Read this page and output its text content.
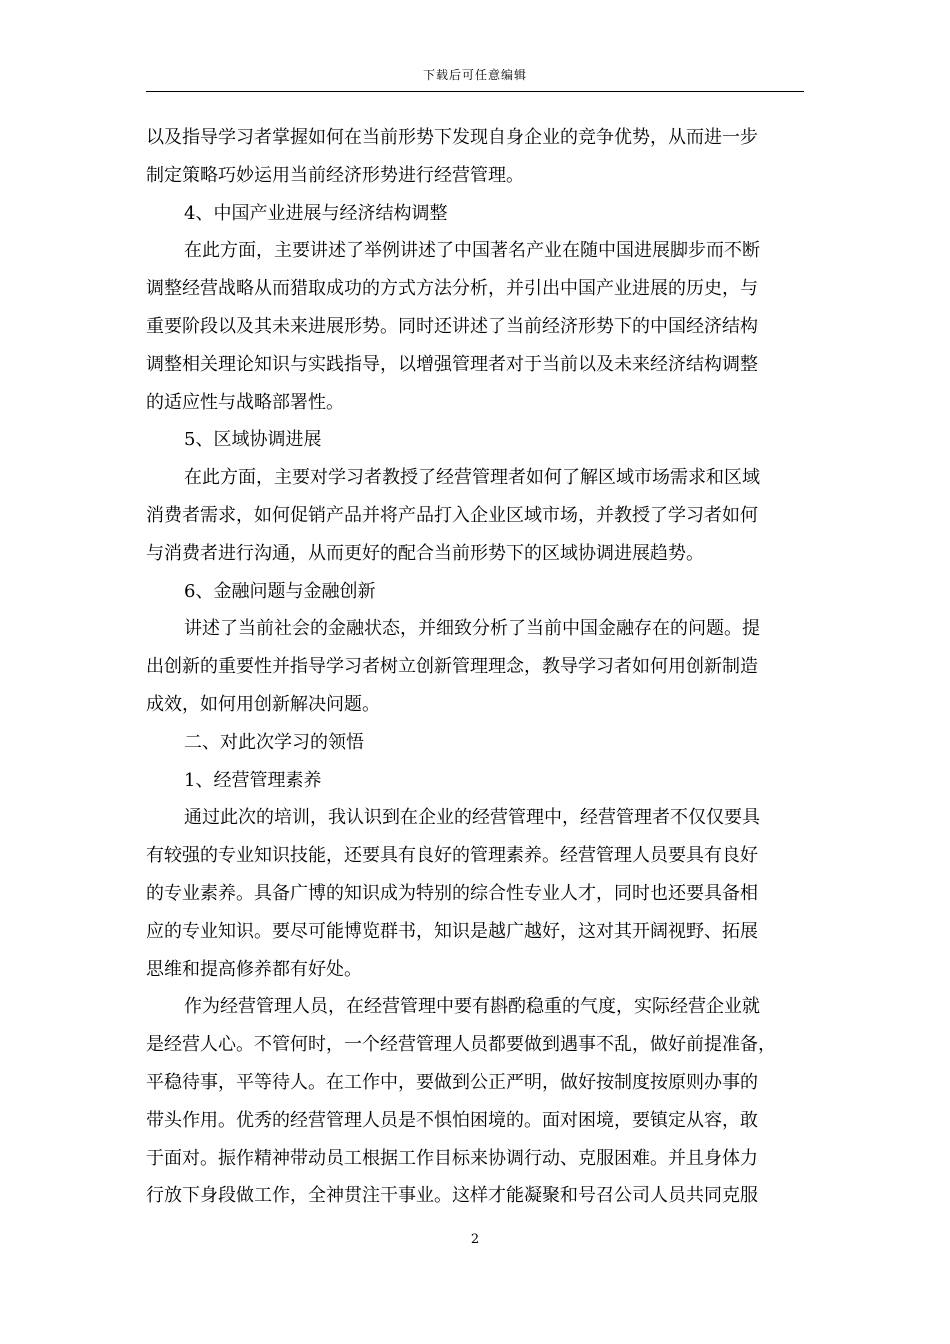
下载后可任意编辑
以及指导学习者掌握如何在当前形势下发现自身企业的竞争优势，从而进一步
制定策略巧妙运用当前经济形势进行经营管理。
4、中国产业进展与经济结构调整
在此方面，主要讲述了举例讲述了中国著名产业在随中国进展脚步而不断
调整经营战略从而猎取成功的方式方法分析，并引出中国产业进展的历史，与
重要阶段以及其未来进展形势。同时还讲述了当前经济形势下的中国经济结构
调整相关理论知识与实践指导，以增强管理者对于当前以及未来经济结构调整
的适应性与战略部署性。
5、区域协调进展
在此方面，主要对学习者教授了经营管理者如何了解区域市场需求和区域
消费者需求，如何促销产品并将产品打入企业区域市场，并教授了学习者如何
与消费者进行沟通，从而更好的配合当前形势下的区域协调进展趋势。
6、金融问题与金融创新
讲述了当前社会的金融状态，并细致分析了当前中国金融存在的问题。提
出创新的重要性并指导学习者树立创新管理理念，教导学习者如何用创新制造
成效，如何用创新解决问题。
二、对此次学习的领悟
1、经营管理素养
通过此次的培训，我认识到在企业的经营管理中，经营管理者不仅仅要具
有较强的专业知识技能，还要具有良好的管理素养。经营管理人员要具有良好
的专业素养。具备广博的知识成为特别的综合性专业人才，同时也还要具备相
应的专业知识。要尽可能博览群书，知识是越广越好，这对其开阔视野、拓展
思维和提高修养都有好处。
作为经营管理人员，在经营管理中要有斟酌稳重的气度，实际经营企业就
是经营人心。不管何时，一个经营管理人员都要做到遇事不乱，做好前提准备，
平稳待事，平等待人。在工作中，要做到公正严明，做好按制度按原则办事的
带头作用。优秀的经营管理人员是不惧怕困境的。面对困境，要镇定从容，敢
于面对。振作精神带动员工根据工作目标来协调行动、克服困难。并且身体力
行放下身段做工作，全神贯注干事业。这样才能凝聚和号召公司人员共同克服
2
